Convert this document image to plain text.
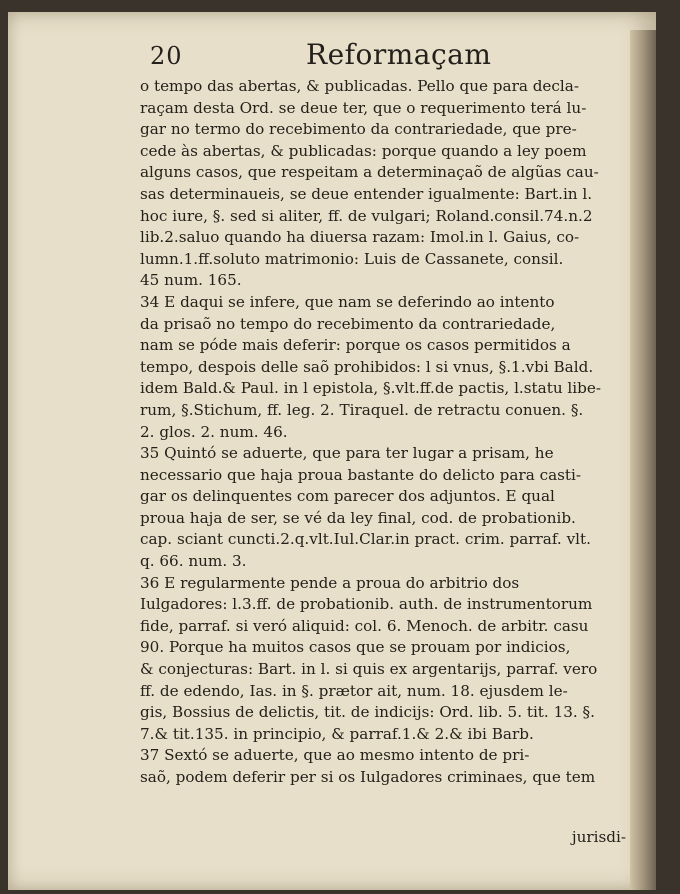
20	Reformaçam
o tempo das abertas, & publicadas. Pello que para decla-
raçam desta Ord. se deue ter, que o requerimento terá lu-
gar no termo do recebimento da contrariedade, que pre-
cede às abertas, & publicadas: porque quando a ley poem
alguns casos, que respeitam a determinaçaõ de algũas cau-
sas determinaueis, se deue entender igualmente: Bart.in l.
hoc iure, §. sed si aliter, ff. de vulgari; Roland.consil.74.n.2
lib.2.saluo quando ha diuersa razam: Imol.in l. Gaius, co-
lumn.1.ff.soluto matrimonio: Luis de Cassanete, consil.
45 num. 165.
34 E daqui se infere, que nam se deferindo ao intento
da prisaõ no tempo do recebimento da contrariedade,
nam se póde mais deferir: porque os casos permitidos a
tempo, despois delle saõ prohibidos: l si vnus, §.1.vbi Bald.
idem Bald.& Paul. in l epistola, §.vlt.ff.de pactis, l.statu libe-
rum, §.Stichum, ff. leg. 2. Tiraquel. de retractu conuen. §.
2. glos. 2. num. 46.
35 Quintó se aduerte, que para ter lugar a prisam, he
necessario que haja proua bastante do delicto para casti-
gar os delinquentes com parecer dos adjuntos. E qual
proua haja de ser, se vé da ley final, cod. de probationib.
cap. sciant cuncti.2.q.vlt.Iul.Clar.in pract. crim. parraf. vlt.
q. 66. num. 3.
36 E regularmente pende a proua do arbitrio dos
Iulgadores: l.3.ff. de probationib. auth. de instrumentorum
fide, parraf. si veró aliquid: col. 6. Menoch. de arbitr. casu
90. Porque ha muitos casos que se prouam por indicios,
& conjecturas: Bart. in l. si quis ex argentarijs, parraf. vero
ff. de edendo, Ias. in §. prætor ait, num. 18. ejusdem le-
gis, Bossius de delictis, tit. de indicijs: Ord. lib. 5. tit. 13. §.
7.& tit.135. in principio, & parraf.1.& 2.& ibi Barb.
37 Sextó se aduerte, que ao mesmo intento de pri-
saõ, podem deferir per si os Iulgadores criminaes, que tem
jurisdi-
